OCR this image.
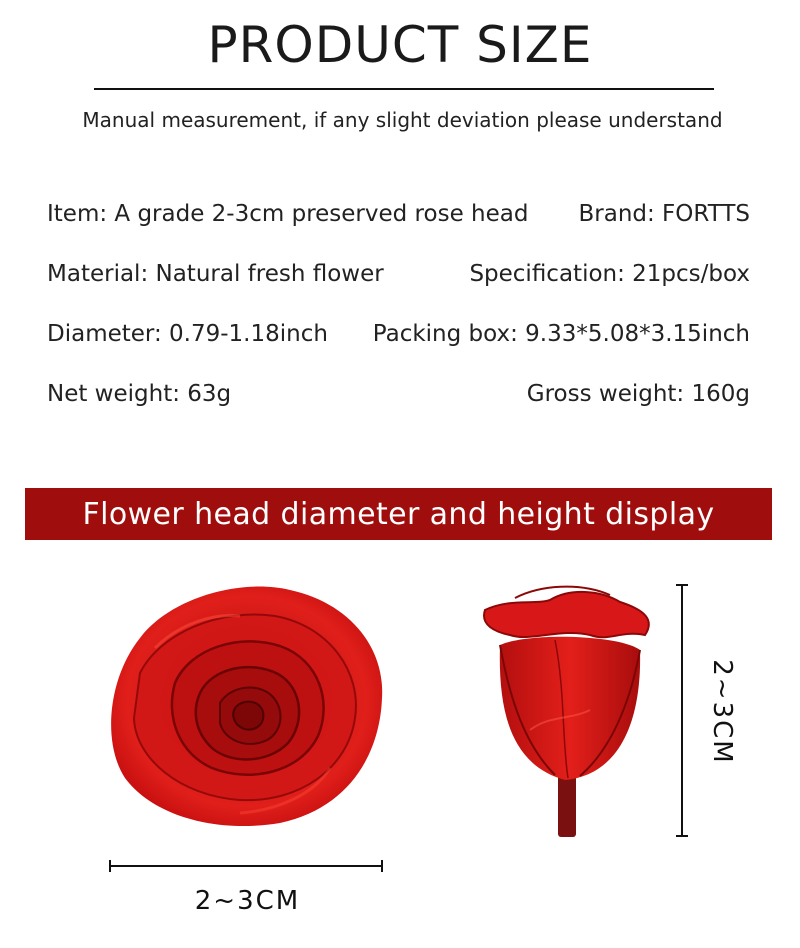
PRODUCT SIZE
Manual measurement, if any slight deviation please understand
Item: A grade 2-3cm preserved rose head Brand: FORTTS
Material: Natural fresh flower	Specification: 21pcs/box
Diameter: 0.79-1.18inch Packing box: 9.33*5.08*3.15inch
Net weight: 63g	Gross weight: 160g
Flower head diameter and height display
2~3CM
2~3CM
